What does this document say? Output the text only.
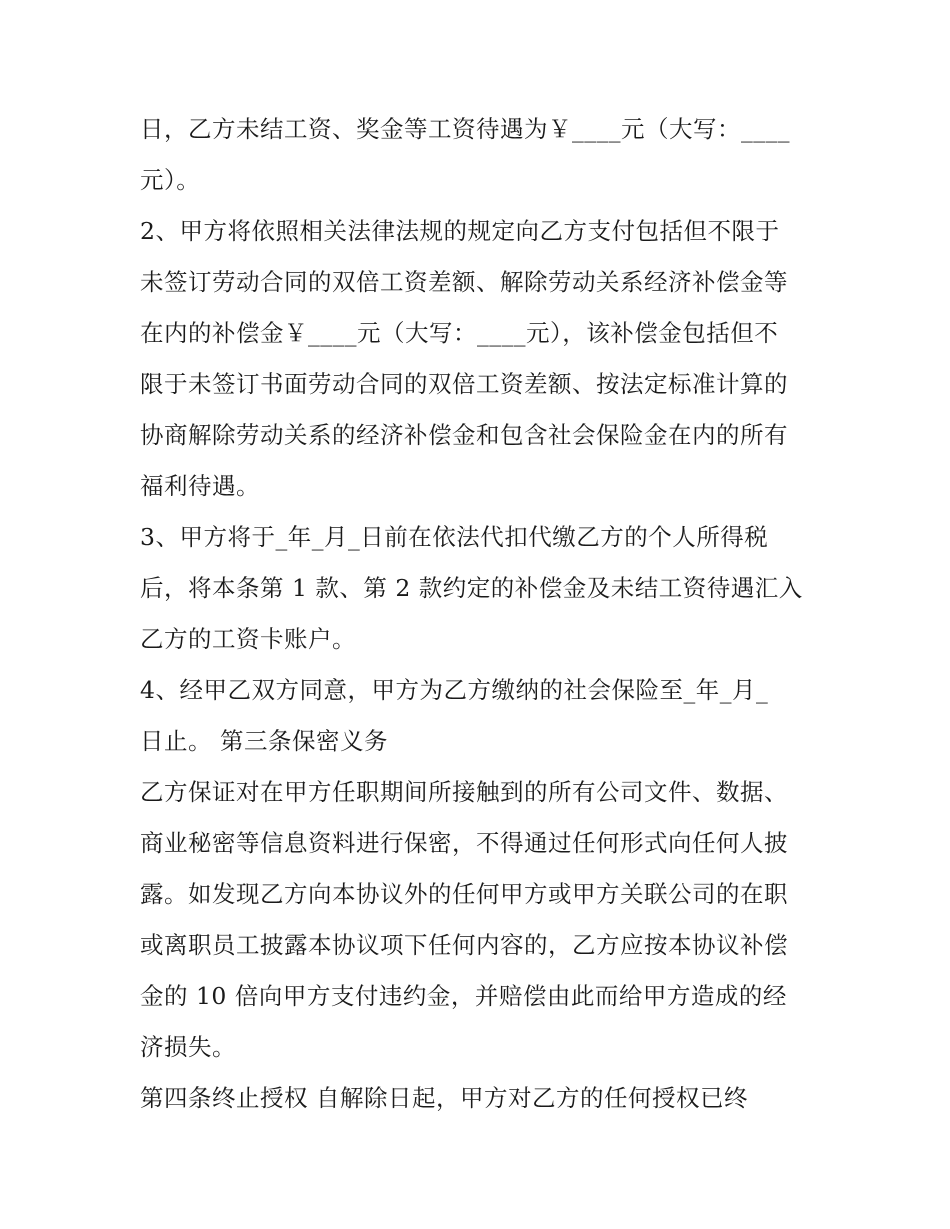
日，乙方未结工资、奖金等工资待遇为￥____元（大写：____
元）。
2、甲方将依照相关法律法规的规定向乙方支付包括但不限于
未签订劳动合同的双倍工资差额、解除劳动关系经济补偿金等
在内的补偿金￥____元（大写：____元），该补偿金包括但不
限于未签订书面劳动合同的双倍工资差额、按法定标准计算的
协商解除劳动关系的经济补偿金和包含社会保险金在内的所有
福利待遇。
3、甲方将于_年_月_日前在依法代扣代缴乙方的个人所得税
后，将本条第 1 款、第 2 款约定的补偿金及未结工资待遇汇入
乙方的工资卡账户。
4、经甲乙双方同意，甲方为乙方缴纳的社会保险至_年_月_
日止。 第三条保密义务
乙方保证对在甲方任职期间所接触到的所有公司文件、数据、
商业秘密等信息资料进行保密，不得通过任何形式向任何人披
露。如发现乙方向本协议外的任何甲方或甲方关联公司的在职
或离职员工披露本协议项下任何内容的，乙方应按本协议补偿
金的 10 倍向甲方支付违约金，并赔偿由此而给甲方造成的经
济损失。
第四条终止授权 自解除日起，甲方对乙方的任何授权已终
